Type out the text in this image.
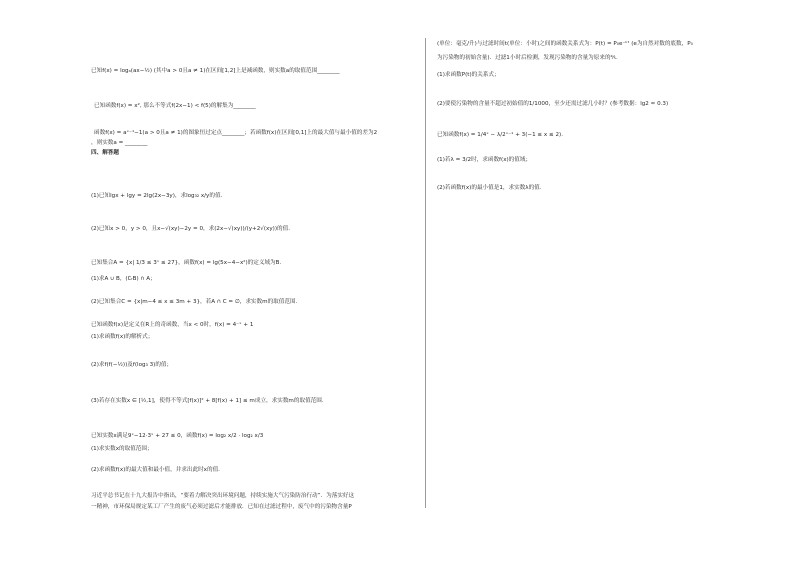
已知f(x) = logₐ(ax−½) (其中a > 0且a ≠ 1)在区间[1,2]上是减函数，则实数a的取值范围________
已知函数f(x) = x², 那么不等式f(2x−1) < f(5)的解集为________
函数f(x) = aˣ⁻¹−1(a > 0且a ≠ 1)的图象恒过定点________；若函数f(x)在区间[0,1]上的最大值与最小值的差为2
，则实数a = ________
四、解答题
(1)已知lgx + lgy = 2lg(2x−3y)，求log₃₂ x/y的值.
(2)已知x > 0，y > 0，且x−√(xy)−2y = 0，求(2x−√(xy))/(y+2√(xy))的值.
已知集合A = {x| 1/3 ≤ 3ˣ ≤ 27}，函数f(x) = lg(5x−4−x²)的定义域为B.
(1)求A ∪ B，(∁ᵣB) ∩ A；
(2)已知集合C = {x|m−4 ≤ x ≤ 3m + 3}，若A ∩ C = ∅，求实数m的取值范围.
已知函数f(x)是定义在R上的奇函数，当x < 0时，f(x) = 4⁻ˣ + 1
(1)求函数f(x)的解析式；
(2)求f(f(−½))及f(log₃ 3)的值；
(3)若存在实数x ∈ [½,1]，使得不等式[f(x)]² + 8[f(x) + 1] ≤ m成立，求实数m的取值范围.
已知实数x满足9ˣ−12·3ˣ + 27 ≤ 0，函数f(x) = log₂ x/2 · log₂ x/3
(1)求实数x的取值范围；
(2)求函数f(x)的最大值和最小值，并求出此时x的值.
习近平总书记在十九大报告中指出，“要着力解决突出环境问题，持续实施大气污染防治行动”．为落实好这
一精神，市环保局规定某工厂产生的废气必须过滤后才能排放．已知在过滤过程中，废气中的污染物含量P
(单位：毫克/升)与过滤时间t(单位：小时)之间的函数关系式为：P(t) = P₀e⁻ᵏᵗ (e为自然对数的底数，P₀
为污染物的初始含量)．过滤1小时后检测，发现污染物的含量为原来的⅘.
(1)求函数P(t)的关系式；
(2)要使污染物的含量不超过初始值的1/1000，至少还需过滤几小时？(参考数据：lg2 ≈ 0.3)
已知函数f(x) = 1/4ˣ − λ/2ˣ⁻¹ + 3(−1 ≤ x ≤ 2).
(1)若λ = 3/2时，求函数f(x)的值域；
(2)若函数f(x)的最小值是1，求实数λ的值.
